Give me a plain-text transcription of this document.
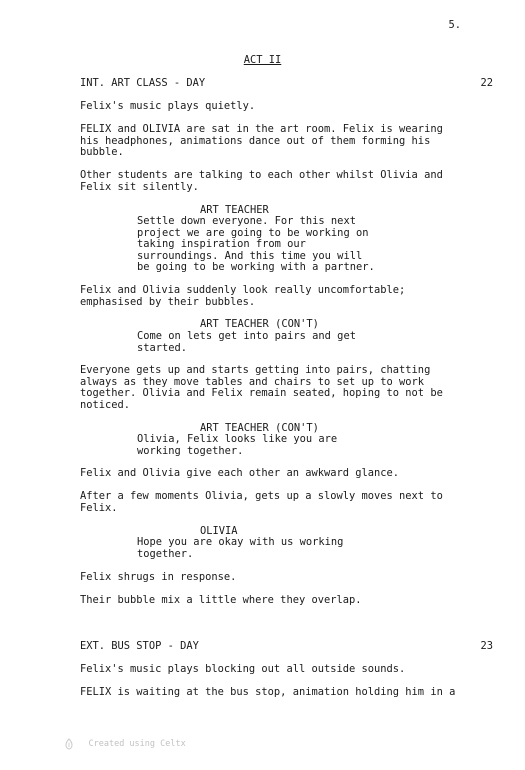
5.
ACT II
INT. ART CLASS - DAY	22
Felix's music plays quietly.
FELIX and OLIVIA are sat in the art room. Felix is wearing
his headphones, animations dance out of them forming his
bubble.
Other students are talking to each other whilst Olivia and
Felix sit silently.
ART TEACHER
Settle down everyone. For this next
project we are going to be working on
taking inspiration from our
surroundings. And this time you will
be going to be working with a partner.
Felix and Olivia suddenly look really uncomfortable;
emphasised by their bubbles.
ART TEACHER (CON'T)
Come on lets get into pairs and get
started.
Everyone gets up and starts getting into pairs, chatting
always as they move tables and chairs to set up to work
together. Olivia and Felix remain seated, hoping to not be
noticed.
ART TEACHER (CON'T)
Olivia, Felix looks like you are
working together.
Felix and Olivia give each other an awkward glance.
After a few moments Olivia, gets up a slowly moves next to
Felix.
OLIVIA
Hope you are okay with us working
together.
Felix shrugs in response.
Their bubble mix a little where they overlap.
EXT. BUS STOP - DAY	23
Felix's music plays blocking out all outside sounds.
FELIX is waiting at the bus stop, animation holding him in a

Created using Celtx
